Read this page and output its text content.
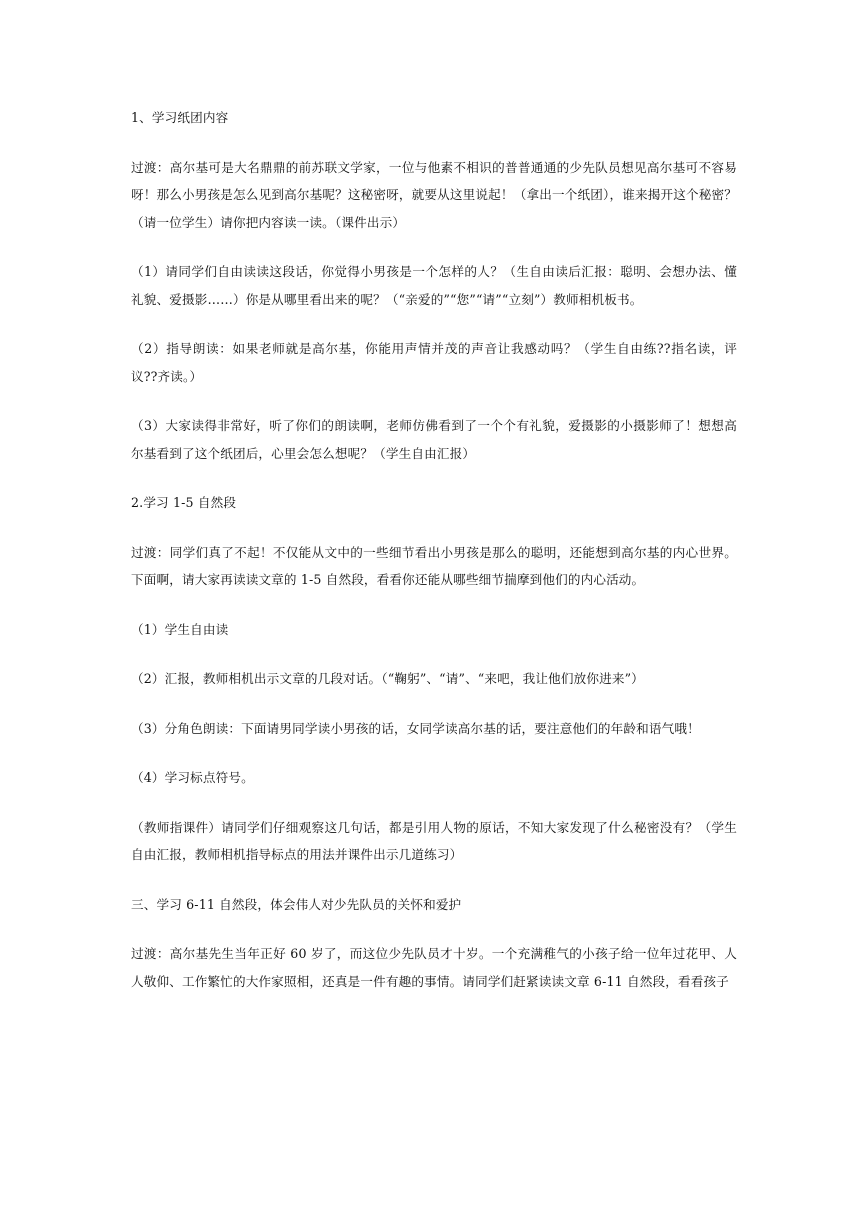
1、学习纸团内容

过渡：高尔基可是大名鼎鼎的前苏联文学家，一位与他素不相识的普普通通的少先队员想见高尔基可不容易呀！那么小男孩是怎么见到高尔基呢？这秘密呀，就要从这里说起！（拿出一个纸团），谁来揭开这个秘密？（请一位学生）请你把内容读一读。（课件出示）

（1）请同学们自由读读这段话，你觉得小男孩是一个怎样的人？（生自由读后汇报：聪明、会想办法、懂礼貌、爱摄影……）你是从哪里看出来的呢？（“亲爱的”“您”“请”“立刻”）教师相机板书。

（2）指导朗读：如果老师就是高尔基，你能用声情并茂的声音让我感动吗？（学生自由练??指名读，评议??齐读。）

（3）大家读得非常好，听了你们的朗读啊，老师仿佛看到了一个个有礼貌，爱摄影的小摄影师了！想想高尔基看到了这个纸团后，心里会怎么想呢？（学生自由汇报）

2.学习 1-5 自然段

过渡：同学们真了不起！不仅能从文中的一些细节看出小男孩是那么的聪明，还能想到高尔基的内心世界。下面啊，请大家再读读文章的 1-5 自然段，看看你还能从哪些细节揣摩到他们的内心活动。

（1）学生自由读

（2）汇报，教师相机出示文章的几段对话。（“鞠躬”、“请”、“来吧，我让他们放你进来”）

（3）分角色朗读：下面请男同学读小男孩的话，女同学读高尔基的话，要注意他们的年龄和语气哦！

（4）学习标点符号。

（教师指课件）请同学们仔细观察这几句话，都是引用人物的原话，不知大家发现了什么秘密没有？（学生自由汇报，教师相机指导标点的用法并课件出示几道练习）

三、学习 6-11 自然段，体会伟人对少先队员的关怀和爱护

过渡：高尔基先生当年正好 60 岁了，而这位少先队员才十岁。一个充满稚气的小孩子给一位年过花甲、人人敬仰、工作繁忙的大作家照相，还真是一件有趣的事情。请同学们赶紧读读文章 6-11 自然段，看看孩子
